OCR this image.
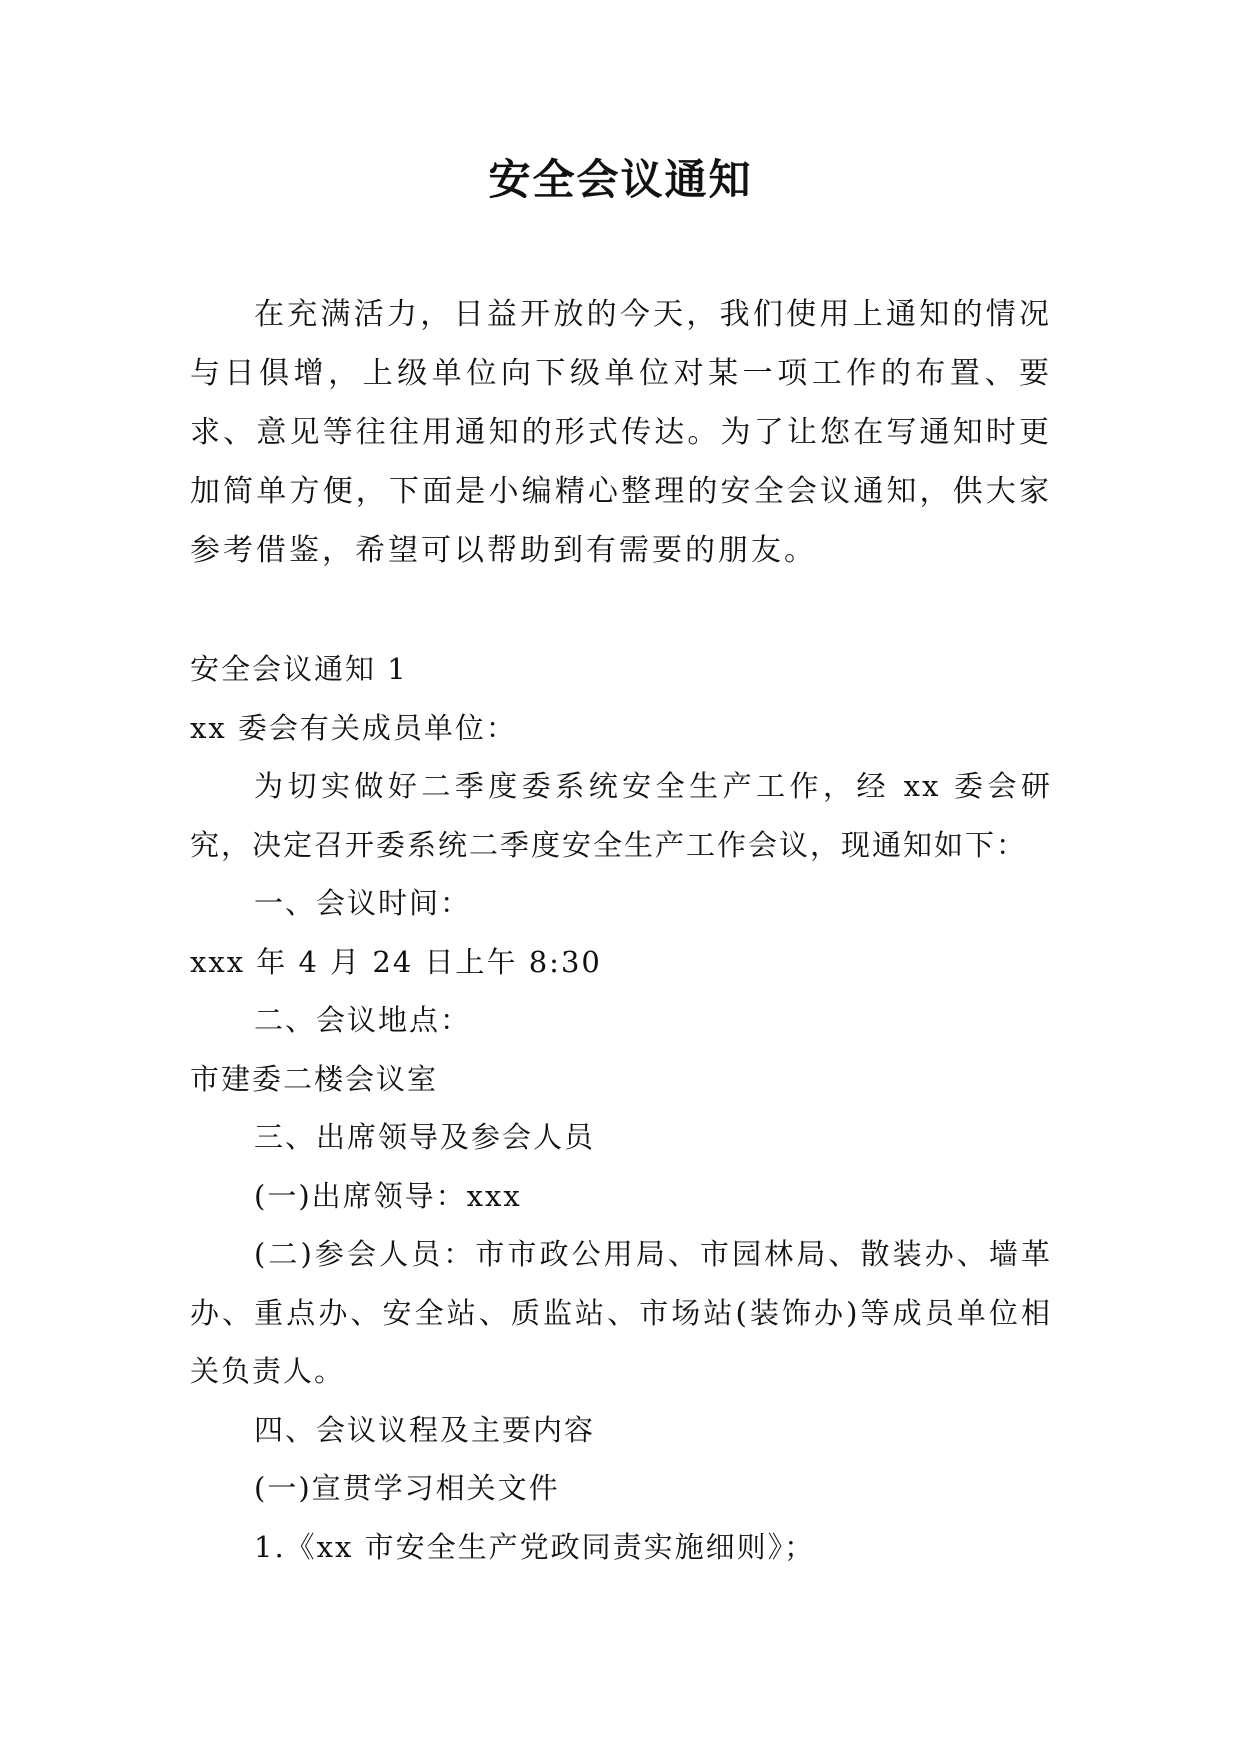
安全会议通知

在充满活力，日益开放的今天，我们使用上通知的情况与日俱增，上级单位向下级单位对某一项工作的布置、要求、意见等往往用通知的形式传达。为了让您在写通知时更加简单方便，下面是小编精心整理的安全会议通知，供大家参考借鉴，希望可以帮助到有需要的朋友。

安全会议通知 1

xx 委会有关成员单位：

为切实做好二季度委系统安全生产工作，经 xx 委会研究，决定召开委系统二季度安全生产工作会议，现通知如下：

一、会议时间：

xxx 年 4 月 24 日上午 8:30

二、会议地点：

市建委二楼会议室

三、出席领导及参会人员

(一)出席领导：xxx

(二)参会人员：市市政公用局、市园林局、散装办、墙革办、重点办、安全站、质监站、市场站(装饰办)等成员单位相关负责人。

四、会议议程及主要内容

(一)宣贯学习相关文件

1.《xx 市安全生产党政同责实施细则》；
